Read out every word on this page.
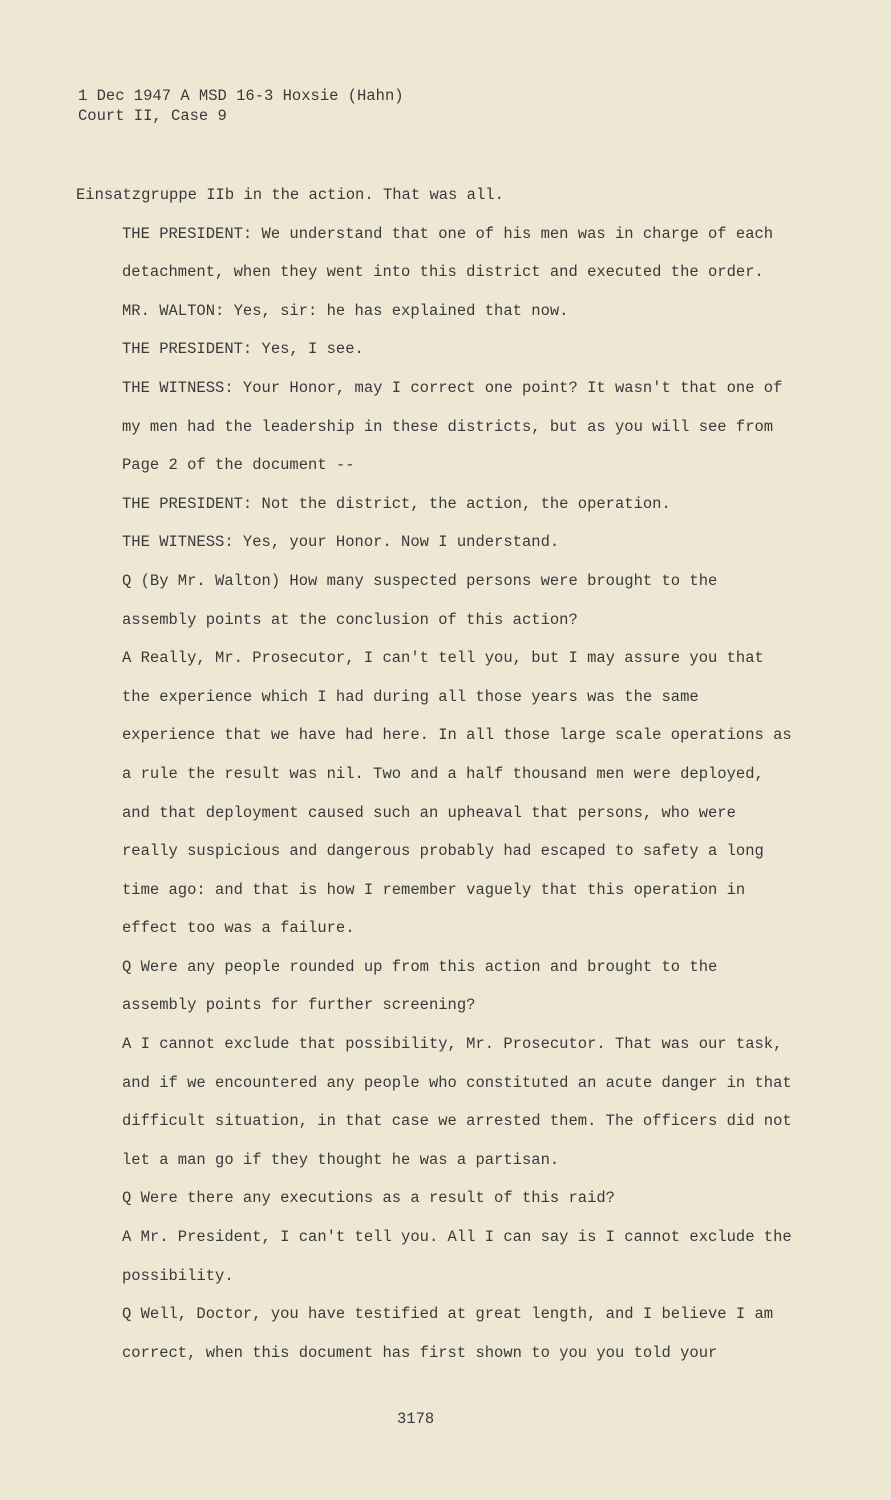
1 Dec 1947 A MSD 16-3 Hoxsie (Hahn)
Court II, Case 9

Einsatzgruppe IIb in the action. That was all.

THE PRESIDENT: We understand that one of his men was in charge of each detachment, when they went into this district and executed the order.

MR. WALTON: Yes, sir: he has explained that now.

THE PRESIDENT: Yes, I see.

THE WITNESS: Your Honor, may I correct one point? It wasn't that one of my men had the leadership in these districts, but as you will see from Page 2 of the document --

THE PRESIDENT: Not the district, the action, the operation.

THE WITNESS: Yes, your Honor. Now I understand.

Q (By Mr. Walton) How many suspected persons were brought to the assembly points at the conclusion of this action?

A Really, Mr. Prosecutor, I can't tell you, but I may assure you that the experience which I had during all those years was the same experience that we have had here. In all those large scale operations as a rule the result was nil. Two and a half thousand men were deployed, and that deployment caused such an upheaval that persons, who were really suspicious and dangerous probably had escaped to safety a long time ago: and that is how I remember vaguely that this operation in effect too was a failure.

Q Were any people rounded up from this action and brought to the assembly points for further screening?

A I cannot exclude that possibility, Mr. Prosecutor. That was our task, and if we encountered any people who constituted an acute danger in that difficult situation, in that case we arrested them. The officers did not let a man go if they thought he was a partisan.

Q Were there any executions as a result of this raid?

A Mr. President, I can't tell you. All I can say is I cannot exclude the possibility.

Q Well, Doctor, you have testified at great length, and I believe I am correct, when this document has first shown to you you told your

3178
